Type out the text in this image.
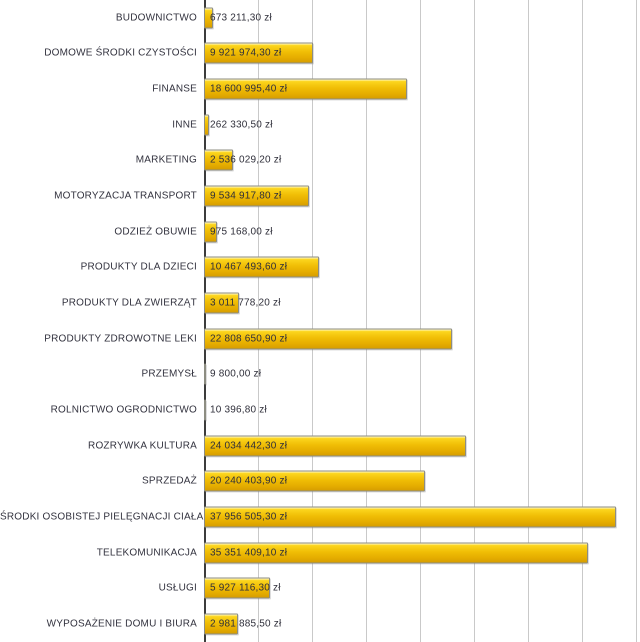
BUDOWNICTWO 673 211,30 zł
DOMOWE ŚRODKI CZYSTOŚCI 9 921 974,30 zł
FINANSE 18 600 995,40 zł
INNE 262 330,50 zł
MARKETING 2 536 029,20 zł
MOTORYZACJA TRANSPORT 9 534 917,80 zł
ODZIEŻ OBUWIE 975 168,00 zł
PRODUKTY DLA DZIECI 10 467 493,60 zł
PRODUKTY DLA ZWIERZĄT 3 011 778,20 zł
PRODUKTY ZDROWOTNE LEKI 22 808 650,90 zł
PRZEMYSŁ 9 800,00 zł
ROLNICTWO OGRODNICTWO 10 396,80 zł
ROZRYWKA KULTURA 24 034 442,30 zł
SPRZEDAŻ 20 240 403,90 zł
ŚRODKI OSOBISTEJ PIELĘGNACJI CIAŁA 37 956 505,30 zł
TELEKOMUNIKACJA 35 351 409,10 zł
USŁUGI 5 927 116,30 zł
WYPOSAŻENIE DOMU I BIURA 2 981 885,50 zł
